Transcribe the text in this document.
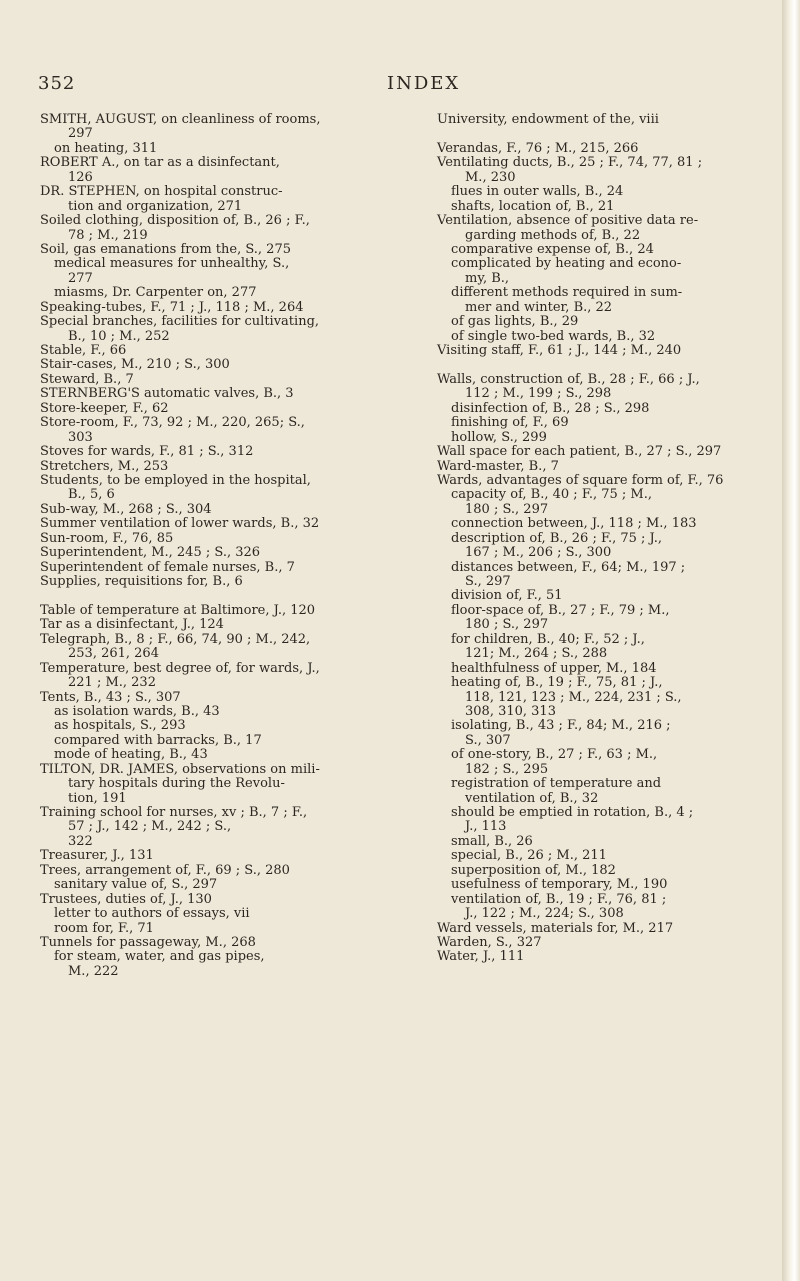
352	INDEX
SMITH, AUGUST, on cleanliness of rooms,
297
on heating, 311
ROBERT A., on tar as a disinfectant,
126
DR. STEPHEN, on hospital construc-
tion and organization, 271
Soiled clothing, disposition of, B., 26 ; F.,
78 ; M., 219
Soil, gas emanations from the, S., 275
medical measures for unhealthy, S.,
277
miasms, Dr. Carpenter on, 277
Speaking-tubes, F., 71 ; J., 118 ; M., 264
Special branches, facilities for cultivating,
B., 10 ; M., 252
Stable, F., 66
Stair-cases, M., 210 ; S., 300
Steward, B., 7
STERNBERG'S automatic valves, B., 3
Store-keeper, F., 62
Store-room, F., 73, 92 ; M., 220, 265; S.,
303
Stoves for wards, F., 81 ; S., 312
Stretchers, M., 253
Students, to be employed in the hospital,
B., 5, 6
Sub-way, M., 268 ; S., 304
Summer ventilation of lower wards, B., 32
Sun-room, F., 76, 85
Superintendent, M., 245 ; S., 326
Superintendent of female nurses, B., 7
Supplies, requisitions for, B., 6
Table of temperature at Baltimore, J., 120
Tar as a disinfectant, J., 124
Telegraph, B., 8 ; F., 66, 74, 90 ; M., 242,
253, 261, 264
Temperature, best degree of, for wards, J.,
221 ; M., 232
Tents, B., 43 ; S., 307
as isolation wards, B., 43
as hospitals, S., 293
compared with barracks, B., 17
mode of heating, B., 43
TILTON, DR. JAMES, observations on mili-
tary hospitals during the Revolu-
tion, 191
Training school for nurses, xv ; B., 7 ; F.,
57 ; J., 142 ; M., 242 ; S.,
322
Treasurer, J., 131
Trees, arrangement of, F., 69 ; S., 280
sanitary value of, S., 297
Trustees, duties of, J., 130
letter to authors of essays, vii
room for, F., 71
Tunnels for passageway, M., 268
for steam, water, and gas pipes,
M., 222
University, endowment of the, viii
Verandas, F., 76 ; M., 215, 266
Ventilating ducts, B., 25 ; F., 74, 77, 81 ;
M., 230
flues in outer walls, B., 24
shafts, location of, B., 21
Ventilation, absence of positive data re-
garding methods of, B., 22
comparative expense of, B., 24
complicated by heating and econo-
my, B.,
different methods required in sum-
mer and winter, B., 22
of gas lights, B., 29
of single two-bed wards, B., 32
Visiting staff, F., 61 ; J., 144 ; M., 240
Walls, construction of, B., 28 ; F., 66 ; J.,
112 ; M., 199 ; S., 298
disinfection of, B., 28 ; S., 298
finishing of, F., 69
hollow, S., 299
Wall space for each patient, B., 27 ; S., 297
Ward-master, B., 7
Wards, advantages of square form of, F., 76
capacity of, B., 40 ; F., 75 ; M.,
180 ; S., 297
connection between, J., 118 ; M., 183
description of, B., 26 ; F., 75 ; J.,
167 ; M., 206 ; S., 300
distances between, F., 64; M., 197 ;
S., 297
division of, F., 51
floor-space of, B., 27 ; F., 79 ; M.,
180 ; S., 297
for children, B., 40; F., 52 ; J.,
121; M., 264 ; S., 288
healthfulness of upper, M., 184
heating of, B., 19 ; F., 75, 81 ; J.,
118, 121, 123 ; M., 224, 231 ; S.,
308, 310, 313
isolating, B., 43 ; F., 84; M., 216 ;
S., 307
of one-story, B., 27 ; F., 63 ; M.,
182 ; S., 295
registration of temperature and
ventilation of, B., 32
should be emptied in rotation, B., 4 ;
J., 113
small, B., 26
special, B., 26 ; M., 211
superposition of, M., 182
usefulness of temporary, M., 190
ventilation of, B., 19 ; F., 76, 81 ;
J., 122 ; M., 224; S., 308
Ward vessels, materials for, M., 217
Warden, S., 327
Water, J., 111
